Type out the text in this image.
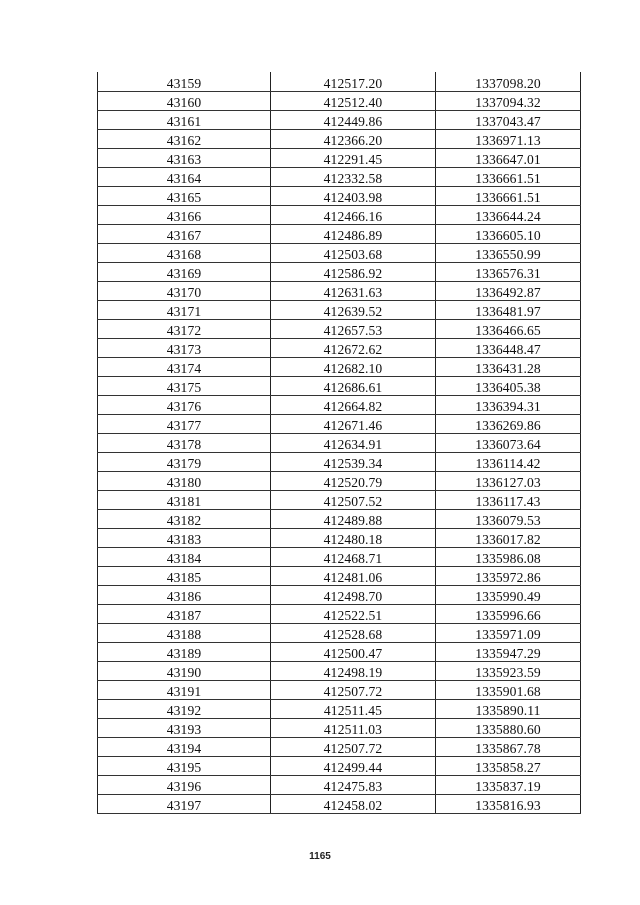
43159	412517.20	1337098.20
43160	412512.40	1337094.32
43161	412449.86	1337043.47
43162	412366.20	1336971.13
43163	412291.45	1336647.01
43164	412332.58	1336661.51
43165	412403.98	1336661.51
43166	412466.16	1336644.24
43167	412486.89	1336605.10
43168	412503.68	1336550.99
43169	412586.92	1336576.31
43170	412631.63	1336492.87
43171	412639.52	1336481.97
43172	412657.53	1336466.65
43173	412672.62	1336448.47
43174	412682.10	1336431.28
43175	412686.61	1336405.38
43176	412664.82	1336394.31
43177	412671.46	1336269.86
43178	412634.91	1336073.64
43179	412539.34	1336114.42
43180	412520.79	1336127.03
43181	412507.52	1336117.43
43182	412489.88	1336079.53
43183	412480.18	1336017.82
43184	412468.71	1335986.08
43185	412481.06	1335972.86
43186	412498.70	1335990.49
43187	412522.51	1335996.66
43188	412528.68	1335971.09
43189	412500.47	1335947.29
43190	412498.19	1335923.59
43191	412507.72	1335901.68
43192	412511.45	1335890.11
43193	412511.03	1335880.60
43194	412507.72	1335867.78
43195	412499.44	1335858.27
43196	412475.83	1335837.19
43197	412458.02	1335816.93
1165
